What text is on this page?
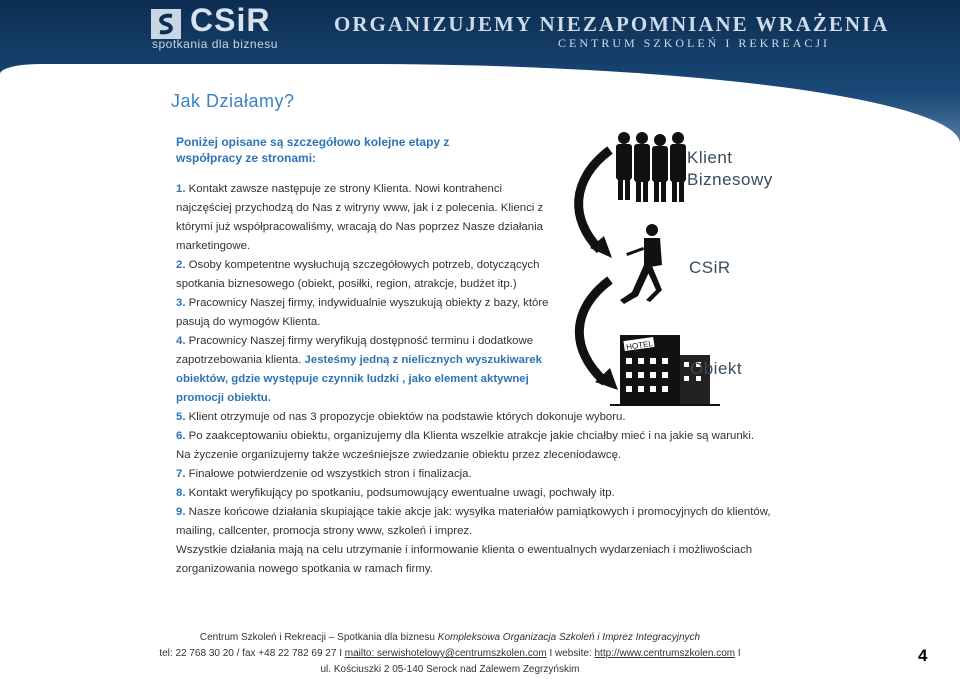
CSiR
spotkania dla biznesu
ORGANIZUJEMY NIEZAPOMNIANE WRAŻENIA
CENTRUM SZKOLEŃ I REKREACJI
Jak Działamy?
Poniżej opisane są szczegółowo kolejne etapy z współpracy ze stronami:

1. Kontakt zawsze następuje ze strony Klienta. Nowi kontrahenci najczęściej przychodzą do Nas z witryny www, jak i z polecenia. Klienci z którymi już współpracowaliśmy, wracają do Nas poprzez Nasze działania marketingowe.

2. Osoby kompetentne wysłuchują szczegółowych potrzeb, dotyczących spotkania biznesowego (obiekt, posiłki, region, atrakcje, budżet itp.)

3. Pracownicy Naszej firmy, indywidualnie wyszukują obiekty z bazy, które pasują do wymogów Klienta.

4. Pracownicy Naszej firmy weryfikują dostępność terminu i dodatkowe zapotrzebowania klienta. Jesteśmy jedną z nielicznych wyszukiwarek obiektów, gdzie występuje czynnik ludzki , jako element aktywnej promocji obiektu.

5. Klient otrzymuje od nas 3 propozycje obiektów na podstawie których dokonuje wyboru.

6. Po zaakceptowaniu obiektu, organizujemy dla Klienta wszelkie atrakcje jakie chciałby mieć i na jakie są warunki.

Na życzenie organizujemy także wcześniejsze zwiedzanie obiektu przez zleceniodawcę.

7. Finałowe potwierdzenie od wszystkich stron i finalizacja.

8. Kontakt weryfikujący po spotkaniu, podsumowujący ewentualne uwagi, pochwały itp.

9. Nasze końcowe działania skupiające takie akcje jak: wysyłka materiałów pamiątkowych i promocyjnych do klientów, mailing, callcenter, promocja strony www, szkoleń i imprez.

Wszystkie działania mają na celu utrzymanie i informowanie klienta o ewentualnych wydarzeniach i możliwościach zorganizowania nowego spotkania w ramach firmy.

HOTEL
Klient
Biznesowy
CSiR
Obiekt

Centrum Szkoleń i Rekreacji – Spotkania dla biznesu Kompleksowa Organizacja Szkoleń i Imprez Integracyjnych

tel: 22 768 30 20 / fax +48 22 782 69 27 I mailto: serwishotelowy@centrumszkolen.com I website: http://www.centrumszkolen.com I

ul. Kościuszki 2 05-140 Serock nad Zalewem Zegrzyńskim

4
